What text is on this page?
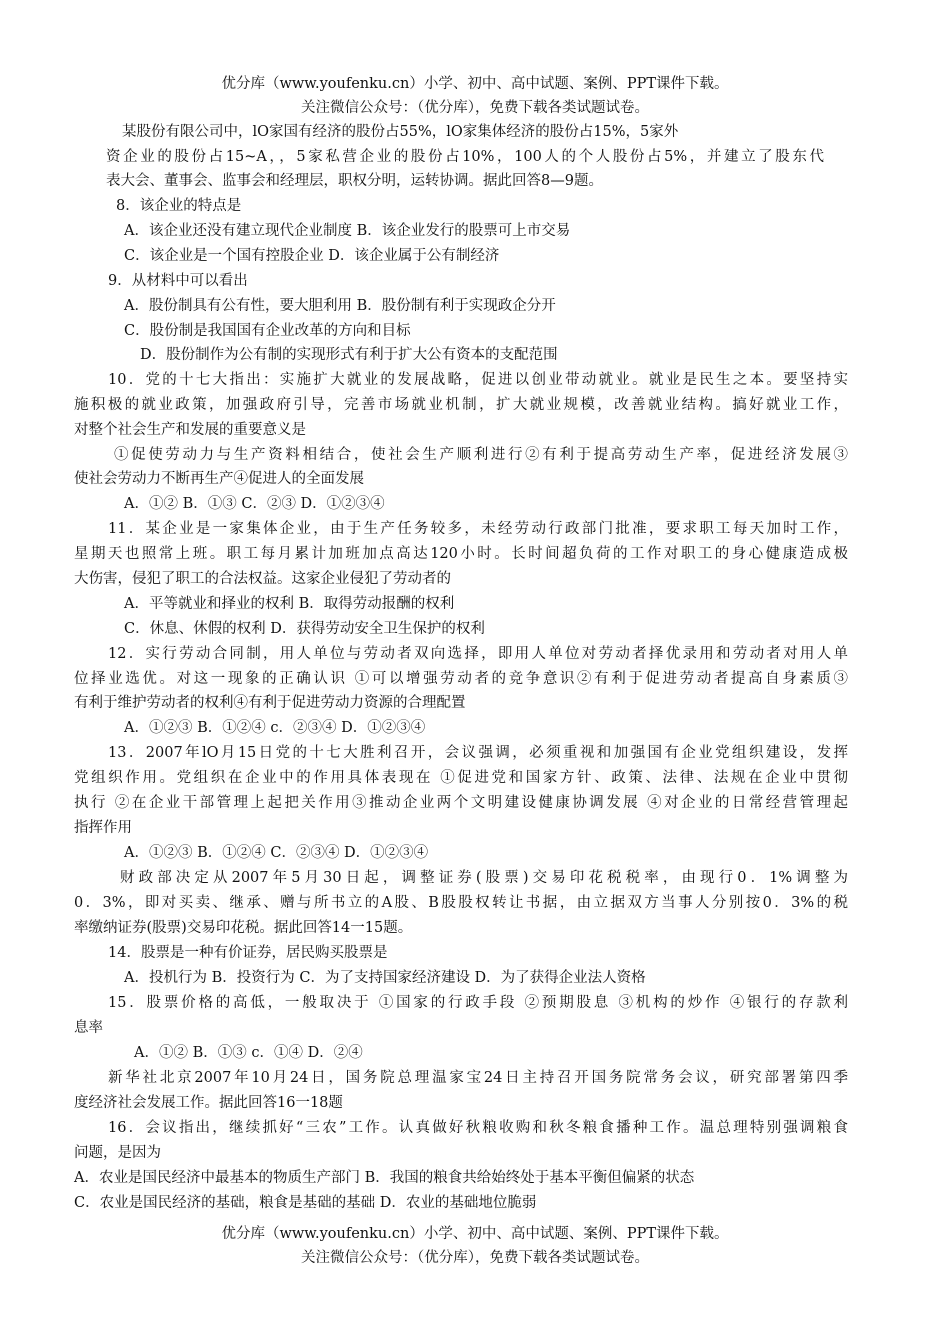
优分库（www.youfenku.cn）小学、初中、高中试题、案例、PPT课件下载。
关注微信公众号：（优分库），免费下载各类试题试卷。
某股份有限公司中，lO家国有经济的股份占55%，lO家集体经济的股份占15%，5家外
资企业的股份占15~A，，5家私营企业的股份占10%，100人的个人股份占5%，并建立了股东代
表大会、董事会、监事会和经理层，职权分明，运转协调。据此回答8—9题。
8．该企业的特点是
A．该企业还没有建立现代企业制度 B．该企业发行的股票可上市交易
C．该企业是一个国有控股企业 D．该企业属于公有制经济
9．从材料中可以看出
A．股份制具有公有性，要大胆利用 B．股份制有利于实现政企分开
C．股份制是我国国有企业改革的方向和目标
D．股份制作为公有制的实现形式有利于扩大公有资本的支配范围
10．党的十七大指出：实施扩大就业的发展战略，促进以创业带动就业。就业是民生之本。要坚持实
施积极的就业政策，加强政府引导，完善市场就业机制，扩大就业规模，改善就业结构。搞好就业工作，
对整个社会生产和发展的重要意义是
①促使劳动力与生产资料相结合，使社会生产顺利进行②有利于提高劳动生产率，促进经济发展③
使社会劳动力不断再生产④促进人的全面发展
A．①② B．①③ C．②③ D．①②③④
11．某企业是一家集体企业，由于生产任务较多，未经劳动行政部门批准，要求职工每天加时工作，
星期天也照常上班。职工每月累计加班加点高达120小时。长时间超负荷的工作对职工的身心健康造成极
大伤害，侵犯了职工的合法权益。这家企业侵犯了劳动者的
A．平等就业和择业的权利 B．取得劳动报酬的权利
C．休息、休假的权利 D．获得劳动安全卫生保护的权利
12．实行劳动合同制，用人单位与劳动者双向选择，即用人单位对劳动者择优录用和劳动者对用人单
位择业选优。对这一现象的正确认识 ①可以增强劳动者的竞争意识②有利于促进劳动者提高自身素质③
有利于维护劳动者的权利④有利于促进劳动力资源的合理配置
A．①②③ B．①②④ c．②③④ D．①②③④
13．2007年lO月15日党的十七大胜利召开，会议强调，必须重视和加强国有企业党组织建设，发挥
党组织作用。党组织在企业中的作用具体表现在 ①促进党和国家方针、政策、法律、法规在企业中贯彻
执行 ②在企业干部管理上起把关作用③推动企业两个文明建设健康协调发展 ④对企业的日常经营管理起
指挥作用
A．①②③ B．①②④ C．②③④ D．①②③④
财政部决定从2007年5月30日起，调整证券(股票)交易印花税税率，由现行0．1%调整为
0．3%，即对买卖、继承、赠与所书立的A股、B股股权转让书据，由立据双方当事人分别按0．3%的税
率缴纳证券(股票)交易印花税。据此回答14一15题。
14．股票是一种有价证券，居民购买股票是
A．投机行为 B．投资行为 C．为了支持国家经济建设 D．为了获得企业法人资格
15．股票价格的高低，一般取决于 ①国家的行政手段 ②预期股息 ③机构的炒作 ④银行的存款利
息率
A．①② B．①③ c．①④ D．②④
新华社北京2007年10月24日，国务院总理温家宝24日主持召开国务院常务会议，研究部署第四季
度经济社会发展工作。据此回答16一18题
16．会议指出，继续抓好“三农”工作。认真做好秋粮收购和秋冬粮食播种工作。温总理特别强调粮食
问题，是因为
A．农业是国民经济中最基本的物质生产部门 B．我国的粮食共给始终处于基本平衡但偏紧的状态
C．农业是国民经济的基础，粮食是基础的基础 D．农业的基础地位脆弱
优分库（www.youfenku.cn）小学、初中、高中试题、案例、PPT课件下载。
关注微信公众号：（优分库），免费下载各类试题试卷。
